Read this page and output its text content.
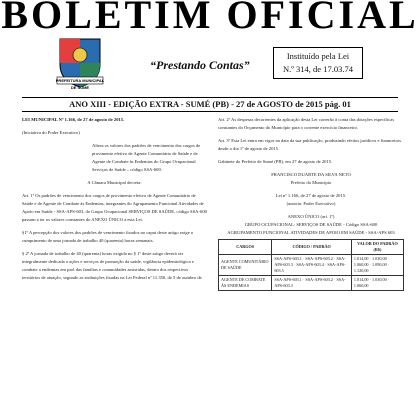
BOLETIM OFICIAL
PREFEITURA MUNICIPAL
DE SUMÉ
“Prestando Contas”
Instituído pela Lei
N.º 314, de 17.03.74
ANO XIII - EDIÇÃO EXTRA - SUMÉ (PB) - 27 de AGOSTO de 2015 pág. 01

LEI MUNICIPAL Nº 1.166, de 27 de agosto de 2015.

(Iniciativa do Poder Executivo)

Altera os valores dos padrões de vencimento dos cargos de provimento efetivo de Agente Comunitário de Saúde e de Agente de Combate às Endemias do Grupo Ocupacional Serviços de Saúde – código SSA-600.

A Câmara Municipal decreta:

Art. 1º Os padrões de vencimento dos cargos de provimento efetivo de Agente Comunitário de Saúde e de Agente de Combate às Endemias, integrantes do Agrupamento Funcional Atividades de Apoio em Saúde - SSA-APS-603, do Grupo Ocupacional SERVIÇOS DE SAÚDE, código SSA-600 passam a ter os valores constantes do ANEXO ÚNICO a esta Lei.

§1º A percepção dos valores dos padrões de vencimento fixados no caput deste artigo exige o cumprimento de uma jornada de trabalho 40 (quarenta) horas semanais.

§ 2º A jornada de trabalho de 40 (quarenta) horas exigida no § 1º deste artigo deverá ser integralmente dedicada a ações e serviços de promoção da saúde, vigilância epidemiológica e combate a endemias em prol das famílias e comunidades assistidas, dentro dos respectivos territórios de atuação, segundo as atribuições fixadas na Lei Federal nº 11.350, de 5 de outubro de

Art. 2º As despesas decorrentes da aplicação desta Lei correrão à conta das dotações específicas constantes do Orçamento do Município para o corrente exercício financeiro.

Art. 3º Esta Lei entra em vigor na data da sua publicação, produzindo efeitos jurídicos e financeiros desde o dia 1º de agosto de 2015.

Gabinete do Prefeito de Sumé (PB), em 27 de agosto de 2015.

FRANCISCO DUARTE DA SILVA NETO

Prefeito do Município

Lei nº 1.166, de 27 de agosto de 2015.

(autoria: Poder Executivo)

ANEXO ÚNICO (art. 1º)

GRUPO OCUPACIONAL: SERVIÇOS DE SAÚDE - Código SSA-600

AGRUPAMENTO FUNCIONAL ATIVIDADES DE APOIO EM SAÚDE - SSA-APS 603

CARGOS	CÓDIGO / PADRÃO	VALOR DO PADRÃO (R$)
AGENTE COMUNITÁRIO DE SAÚDE	SSA-APS-603.1 · SSA-APS-603.2 · SSA-APS-603.3 · SSA-APS-603.4 · SSA-APS-603.5	1.014,00 · 1.030,00 · 1.060,00 · 1.090,00 · 1.120,00
AGENTE DE COMBATE ÀS ENDEMIAS	SSA-APS-603.1 · SSA-APS-603.2 · SSA-APS-603.3	1.014,00 · 1.030,00 · 1.060,00
